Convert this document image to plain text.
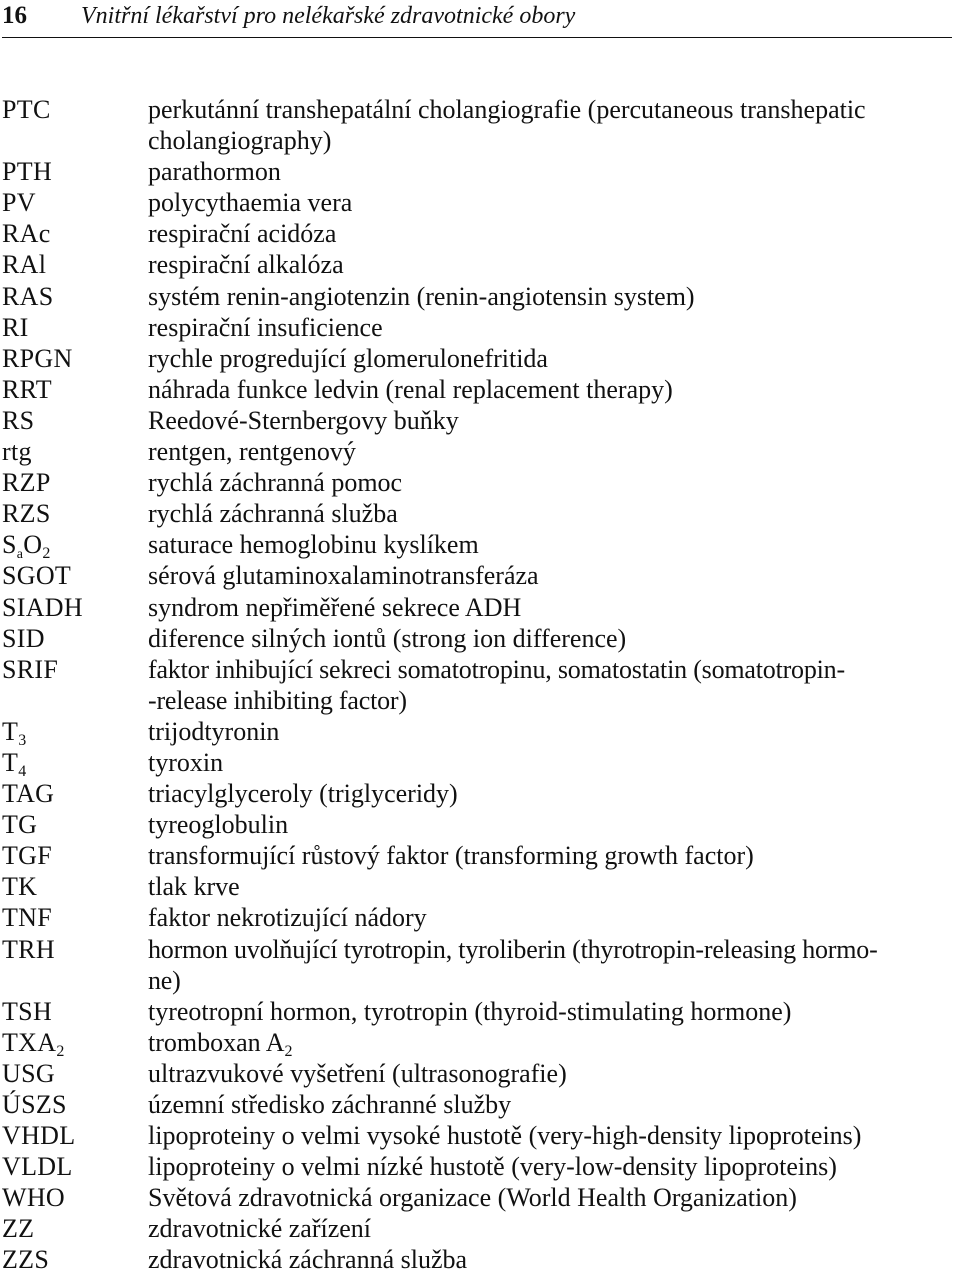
16 Vnitřní lékařství pro nelékařské zdravotnické obory
PTC	perkutánní transhepatální cholangiografie (percutaneous transhepatic
cholangiography)
PTH	parathormon
PV	polycythaemia vera
RAc	respirační acidóza
RAl	respirační alkalóza
RAS	systém renin-angiotenzin (renin-angiotensin system)
RI	respirační insuficience
RPGN	rychle progredující glomerulonefritida
RRT	náhrada funkce ledvin (renal replacement therapy)
RS	Reedové-Sternbergovy buňky
rtg	rentgen, rentgenový
RZP	rychlá záchranná pomoc
RZS	rychlá záchranná služba
SaO$_2$	saturace hemoglobinu kyslíkem
SGOT	sérová glutaminoxalaminotransferáza
SIADH	syndrom nepřiměřené sekrece ADH
SID	diference silných iontů (strong ion difference)
SRIF	faktor inhibující sekreci somatotropinu, somatostatin (somatotropin-
-release inhibiting factor)
$T_3$	trijodtyronin
$T_4$	tyroxin
TAG	triacylglyceroly (triglyceridy)
TG	tyreoglobulin
TGF	transformující růstový faktor (transforming growth factor)
TK	tlak krve
TNF	faktor nekrotizující nádory
TRH	hormon uvolňující tyrotropin, tyroliberin (thyrotropin-releasing hormo-
ne)
TSH	tyreotropní hormon, tyrotropin (thyroid-stimulating hormone)
$TXA_2$	tromboxan $A_2$
USG	ultrazvukové vyšetření (ultrasonografie)
ÚSZS	územní středisko záchranné služby
VHDL	lipoproteiny o velmi vysoké hustotě (very-high-density lipoproteins)
VLDL	lipoproteiny o velmi nízké hustotě (very-low-density lipoproteins)
WHO	Světová zdravotnická organizace (World Health Organization)
ZZ	zdravotnické zařízení
ZZS	zdravotnická záchranná služba
